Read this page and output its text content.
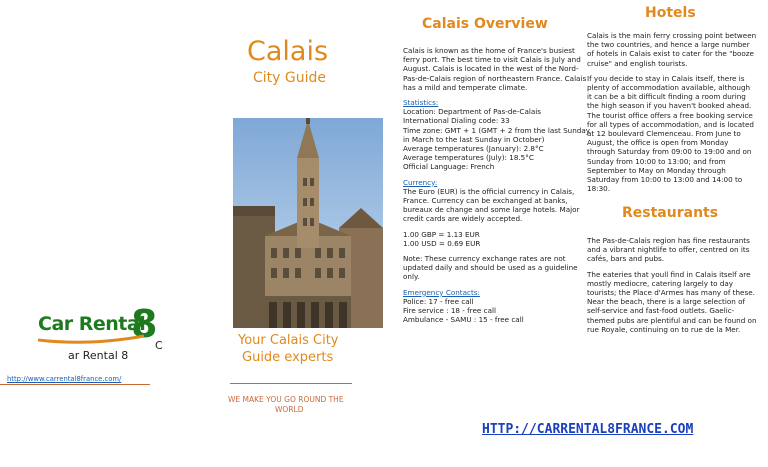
Car Rental
8
C
ar Rental 8
http://www.carrental8france.com/
Calais
City Guide
Your Calais City
Guide experts
WE MAKE YOU GO ROUND THE
WORLD
Calais Overview

Calais is known as the home of France's busiest ferry port. The best time to visit Calais is July and August. Calais is located in the west of the Nord-Pas-de-Calais region of northeastern France. Calais has a mild and temperate climate.

Statistics:
Location: Department of Pas-de-Calais
International Dialing code: 33
Time zone: GMT + 1 (GMT + 2 from the last Sunday in March to the last Sunday in October)
Average temperatures (January): 2.8°C
Average temperatures (July): 18.5°C

Official Language: French

Currency:

The Euro (EUR) is the official currency in Calais, France. Currency can be exchanged at banks, bureaux de change and some large hotels. Major credit cards are widely accepted.

1.00 GBP = 1.13 EUR

1.00 USD = 0.69 EUR

Note: These currency exchange rates are not updated daily and should be used as a guideline only.

Emergency Contacts:
Police: 17 - free call
Fire service : 18 - free call
Ambulance - SAMU : 15 - free call
Hotels

Calais is the main ferry crossing point between the two countries, and hence a large number of hotels in Calais exist to cater for the "booze cruise" and english tourists.

If you decide to stay in Calais itself, there is plenty of accommodation available, although it can be a bit difficult finding a room during the high season if you haven't booked ahead. The tourist office offers a free booking service for all types of accommodation, and is located at 12 boulevard Clemenceau. From June to August, the office is open from Monday through Saturday from 09:00 to 19:00 and on Sunday from 10:00 to 13:00; and from September to May on Monday through Saturday from 10:00 to 13:00 and 14:00 to 18:30.

Restaurants

The Pas-de-Calais region has fine restaurants and a vibrant nightlife to offer, centred on its cafés, bars and pubs.

The eateries that youll find in Calais itself are mostly mediocre, catering largely to day tourists; the Place d'Armes has many of these. Near the beach, there is a large selection of self-service and fast-food outlets. Gaelic-themed pubs are plentiful and can be found on rue Royale, continuing on to rue de la Mer.

HTTP://CARRENTAL8FRANCE.COM
